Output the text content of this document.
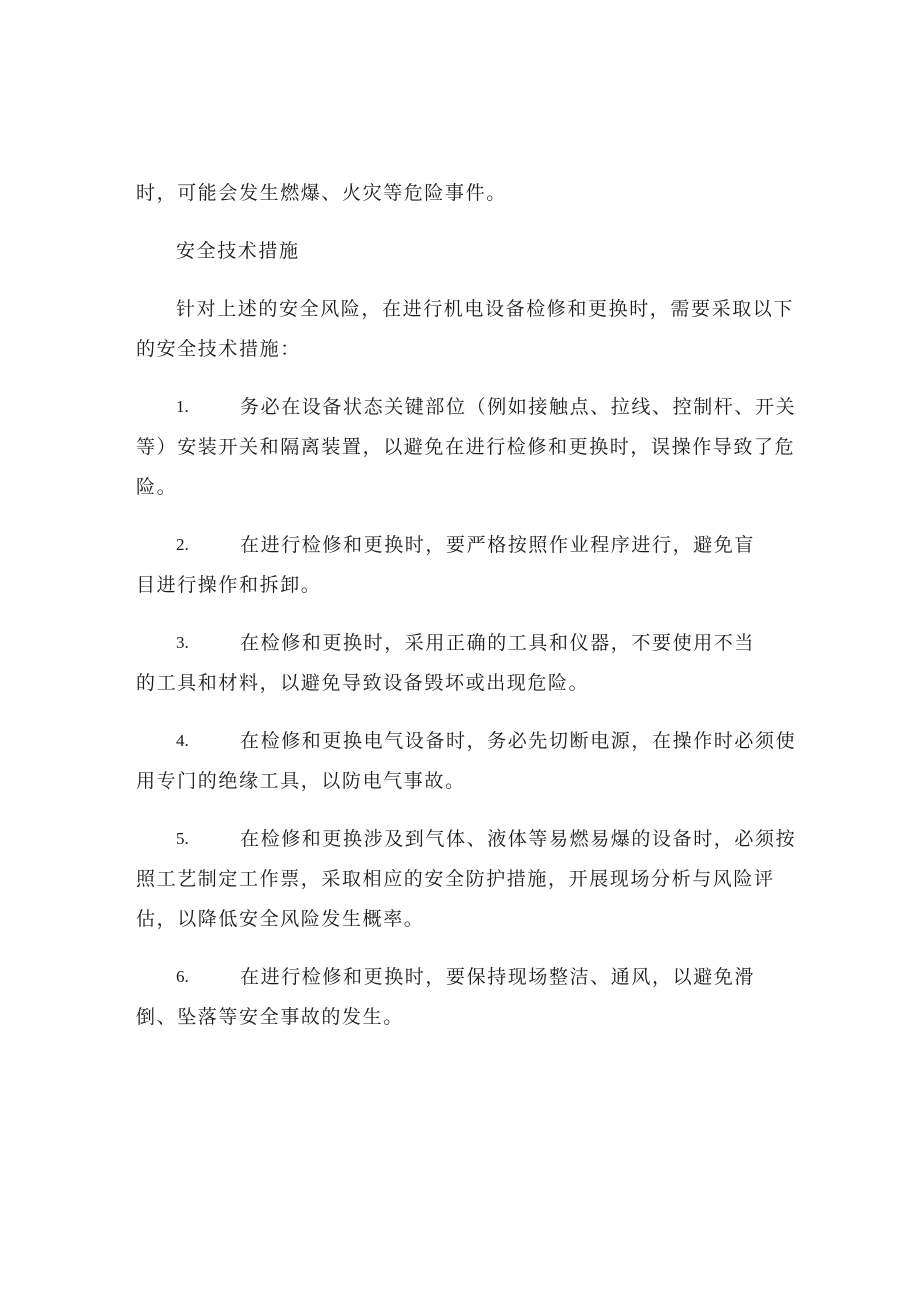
时，可能会发生燃爆、火灾等危险事件。
安全技术措施
针对上述的安全风险，在进行机电设备检修和更换时，需要采取以下
的安全技术措施：
1.	务必在设备状态关键部位（例如接触点、拉线、控制杆、开关
等）安装开关和隔离装置，以避免在进行检修和更换时，误操作导致了危
险。
2.	在进行检修和更换时，要严格按照作业程序进行，避免盲
目进行操作和拆卸。
3.	在检修和更换时，采用正确的工具和仪器，不要使用不当
的工具和材料，以避免导致设备毁坏或出现危险。
4.	在检修和更换电气设备时，务必先切断电源，在操作时必须使
用专门的绝缘工具，以防电气事故。
5.	在检修和更换涉及到气体、液体等易燃易爆的设备时，必须按
照工艺制定工作票，采取相应的安全防护措施，开展现场分析与风险评
估，以降低安全风险发生概率。
6.	在进行检修和更换时，要保持现场整洁、通风，以避免滑
倒、坠落等安全事故的发生。
